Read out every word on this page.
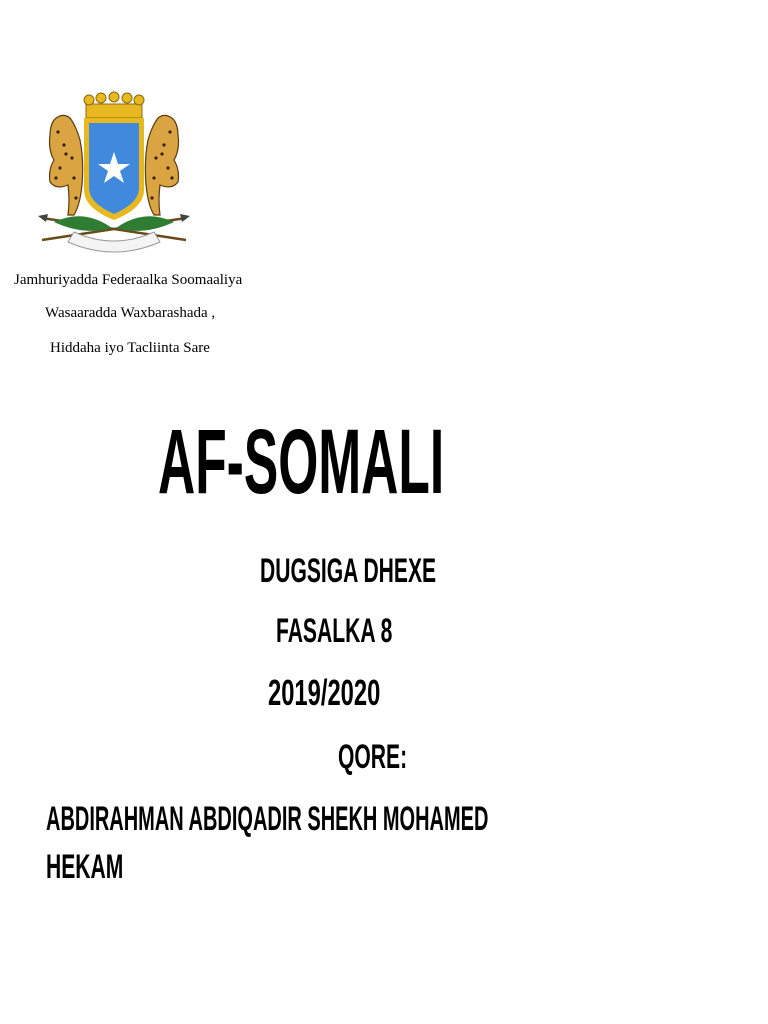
Jamhuriyadda Federaalka Soomaaliya
Wasaaradda Waxbarashada ,
Hiddaha iyo Tacliinta Sare
AF-SOMALI
DUGSIGA DHEXE
FASALKA 8
2019/2020
QORE:
ABDIRAHMAN ABDIQADIR SHEKH MOHAMED
HEKAM
